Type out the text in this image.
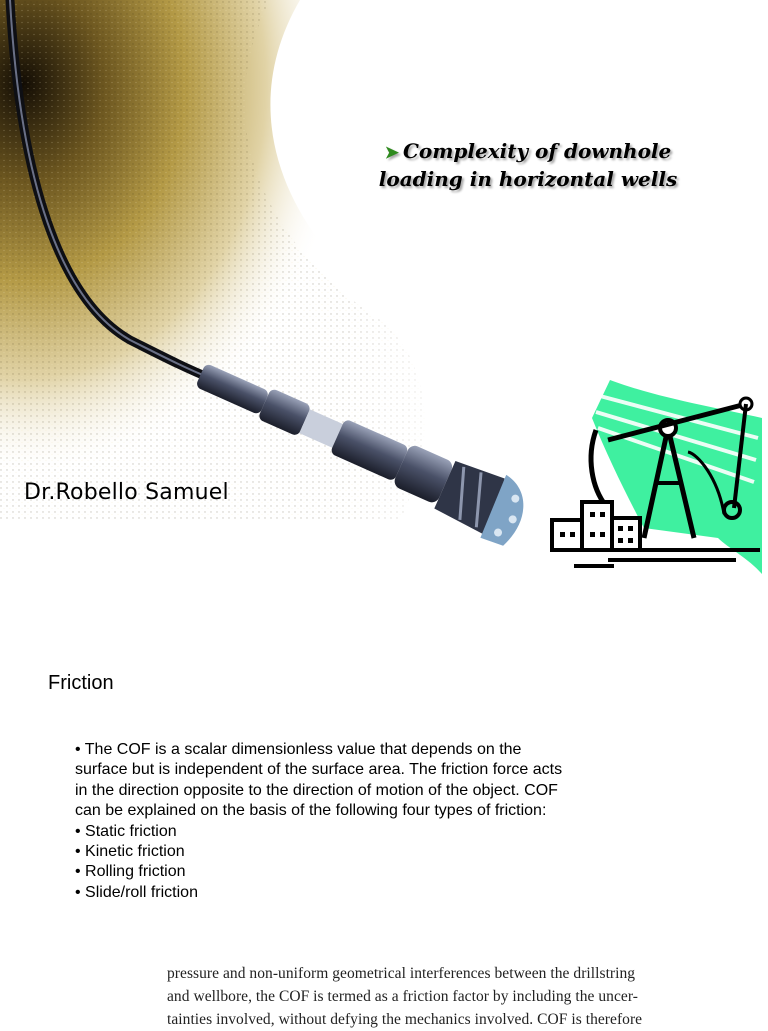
➤ Complexity of downhole
loading in horizontal wells
Dr.Robello Samuel
Friction

• The COF is a scalar dimensionless value that depends on the surface but is independent of the surface area. The friction force acts in the direction opposite to the direction of motion of the object. COF can be explained on the basis of the following four types of friction:

• Static friction
• Kinetic friction
• Rolling friction
• Slide/roll friction
pressure and non-uniform geometrical interferences between the drillstring
and wellbore, the COF is termed as a friction factor by including the uncer-
tainties involved, without defying the mechanics involved. COF is therefore
